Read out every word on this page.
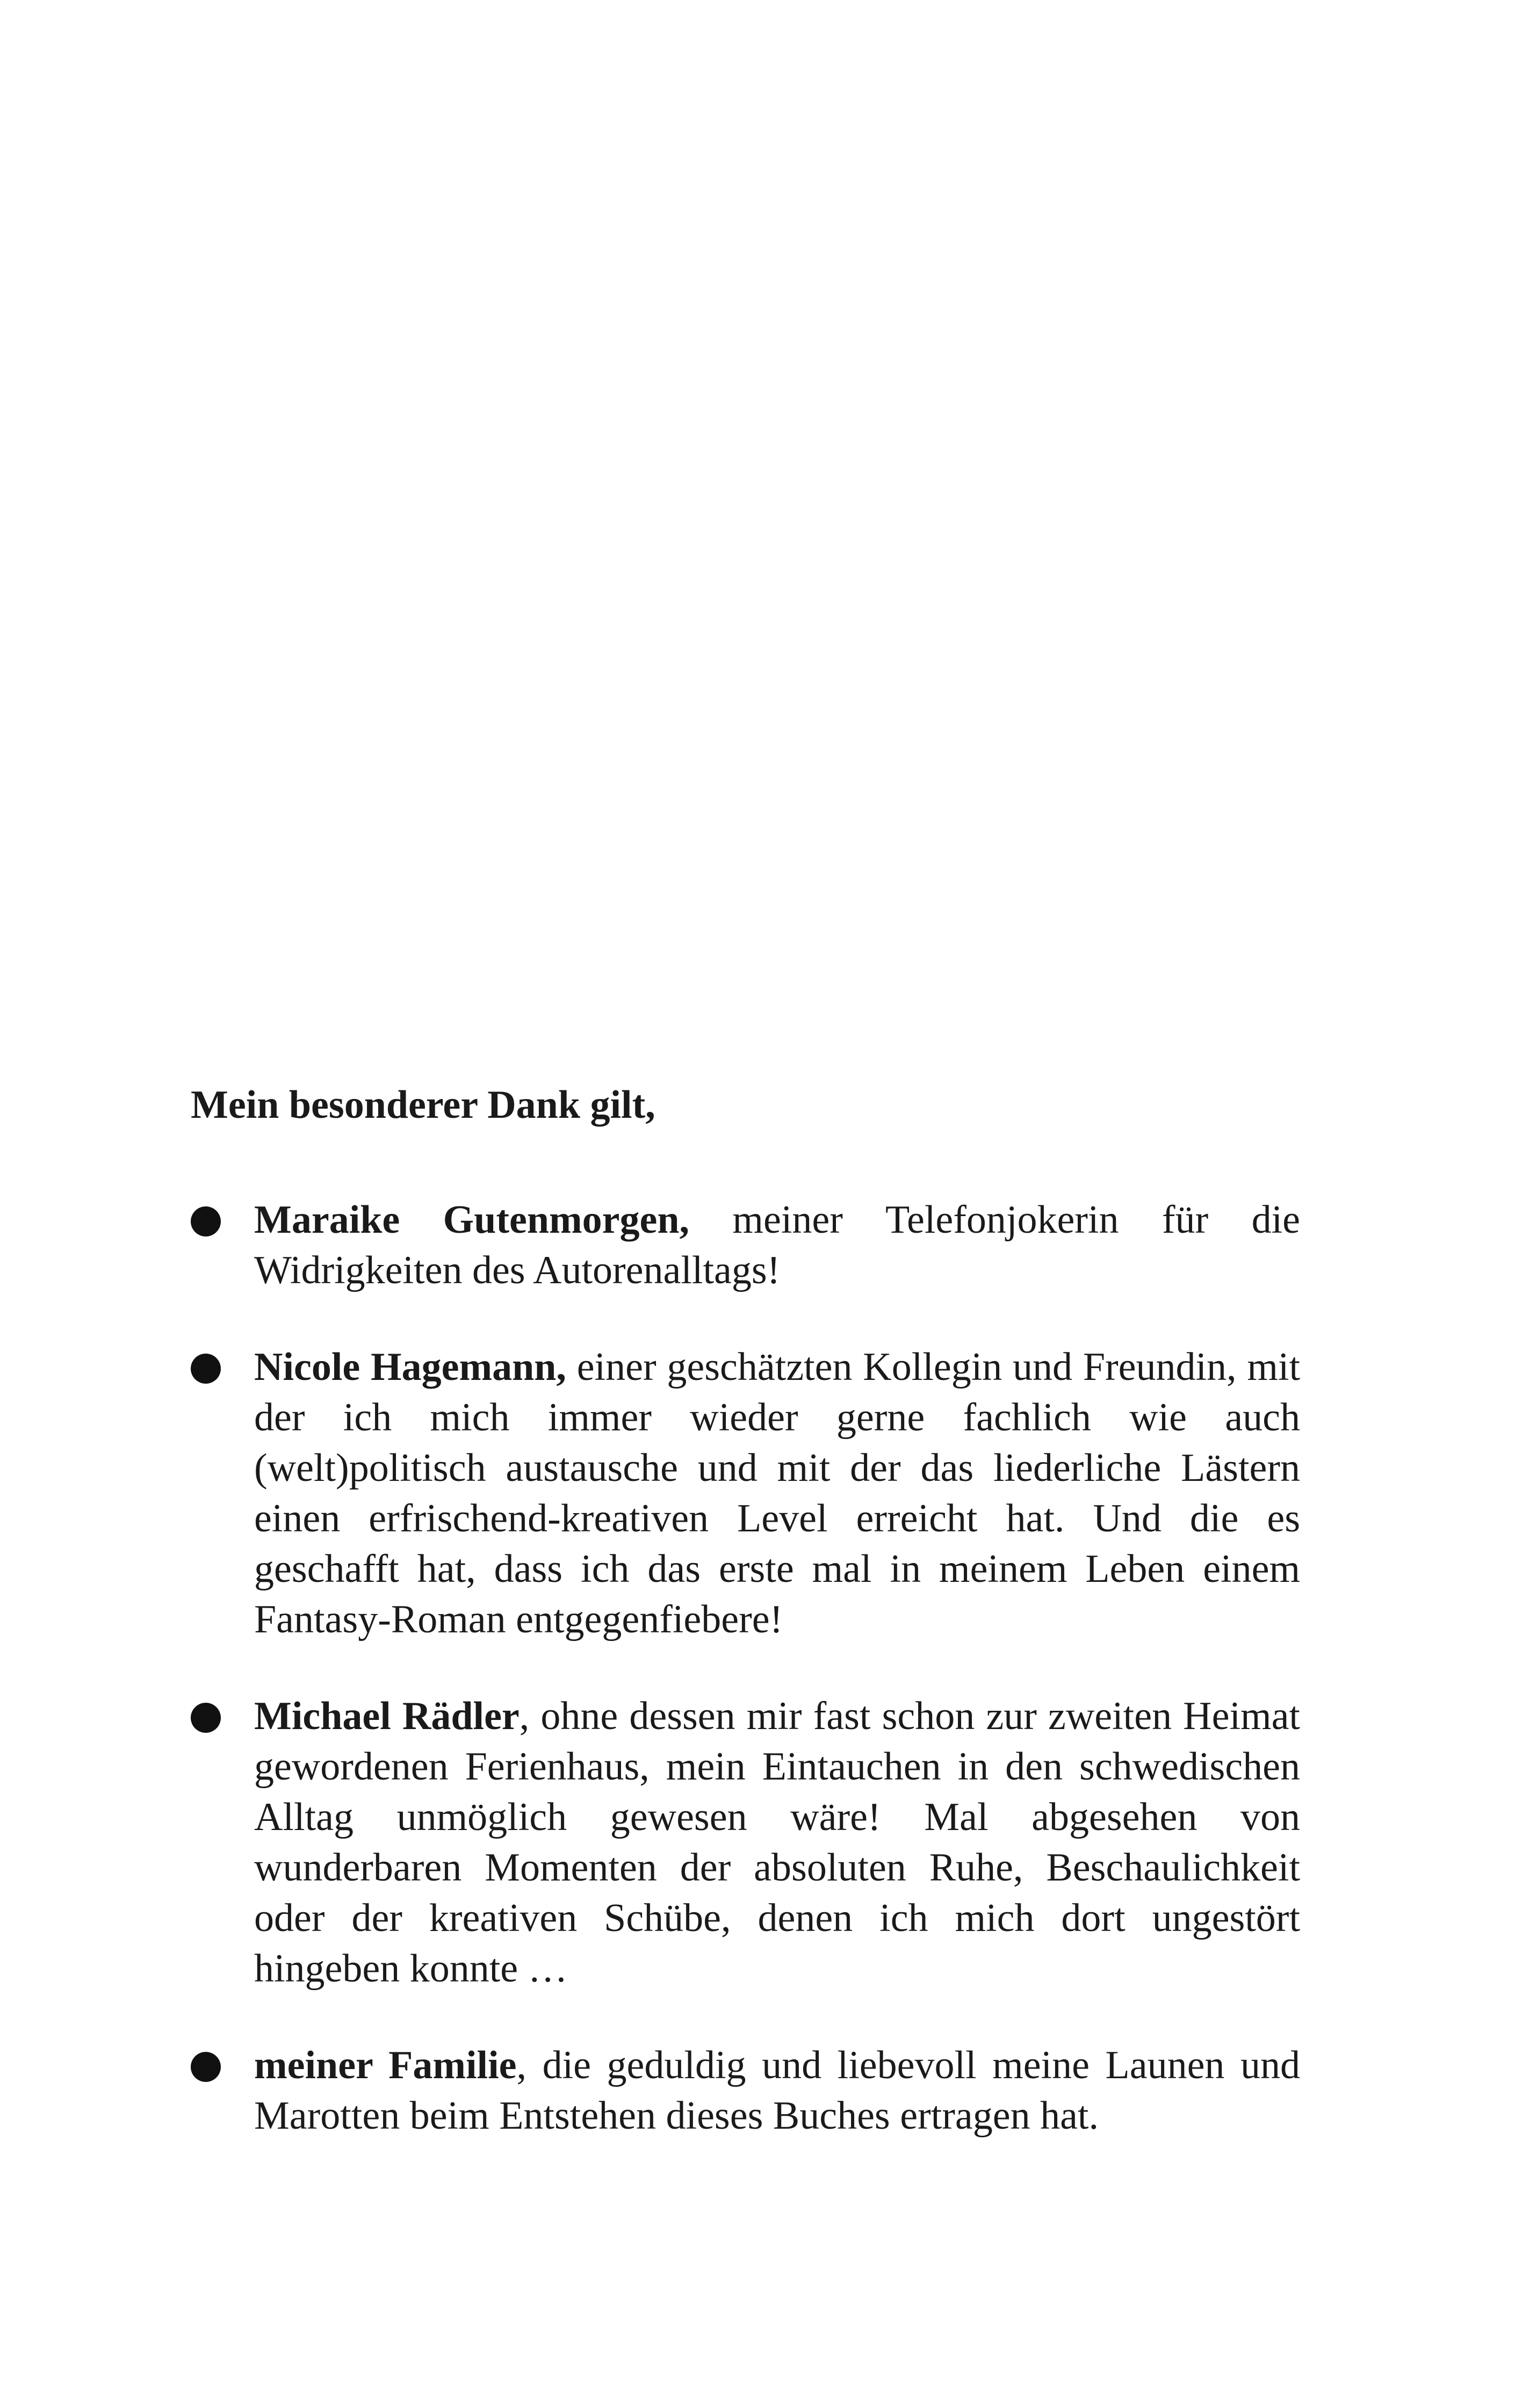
Mein besonderer Dank gilt,
Maraike Gutenmorgen, meiner Telefonjokerin für die Widrigkeiten des Autorenalltags!
Nicole Hagemann, einer geschätzten Kollegin und Freundin, mit der ich mich immer wieder gerne fachlich wie auch (welt)politisch austausche und mit der das liederliche Lästern einen erfrischend-kreativen Level erreicht hat. Und die es geschafft hat, dass ich das erste mal in meinem Leben einem Fantasy-Roman entgegenfiebere!
Michael Rädler, ohne dessen mir fast schon zur zweiten Heimat gewordenen Ferienhaus, mein Eintauchen in den schwedischen Alltag unmöglich gewesen wäre! Mal abgesehen von wunderbaren Momenten der absoluten Ruhe, Beschaulichkeit oder der kreativen Schübe, denen ich mich dort ungestört hingeben konnte …
meiner Familie, die geduldig und liebevoll meine Launen und Marotten beim Entstehen dieses Buches ertragen hat.
